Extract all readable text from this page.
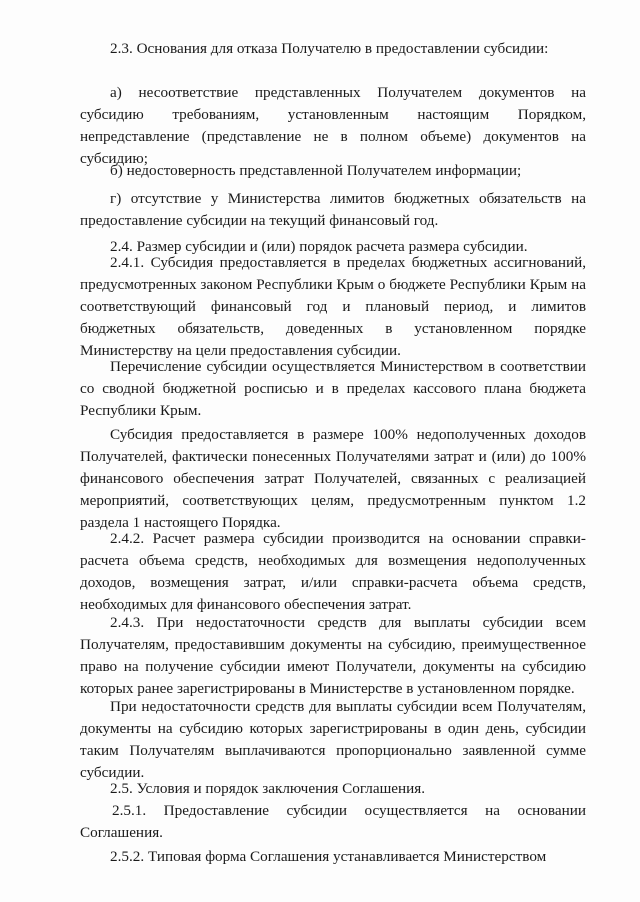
2.3. Основания для отказа Получателю в предоставлении субсидии:

а) несоответствие представленных Получателем документов на субсидию требованиям, установленным настоящим Порядком, непредставление (представление не в полном объеме) документов на субсидию;

б) недостоверность представленной Получателем информации;

г) отсутствие у Министерства лимитов бюджетных обязательств на предоставление субсидии на текущий финансовый год.

2.4. Размер субсидии и (или) порядок расчета размера субсидии.

2.4.1. Субсидия предоставляется в пределах бюджетных ассигнований, предусмотренных законом Республики Крым о бюджете Республики Крым на соответствующий финансовый год и плановый период, и лимитов бюджетных обязательств, доведенных в установленном порядке Министерству на цели предоставления субсидии.

Перечисление субсидии осуществляется Министерством в соответствии со сводной бюджетной росписью и в пределах кассового плана бюджета Республики Крым.

Субсидия предоставляется в размере 100% недополученных доходов Получателей, фактически понесенных Получателями затрат и (или) до 100% финансового обеспечения затрат Получателей, связанных с реализацией мероприятий, соответствующих целям, предусмотренным пунктом 1.2 раздела 1 настоящего Порядка.

2.4.2. Расчет размера субсидии производится на основании справки-расчета объема средств, необходимых для возмещения недополученных доходов, возмещения затрат, и/или справки-расчета объема средств, необходимых для финансового обеспечения затрат.

2.4.3. При недостаточности средств для выплаты субсидии всем Получателям, предоставившим документы на субсидию, преимущественное право на получение субсидии имеют Получатели, документы на субсидию которых ранее зарегистрированы в Министерстве в установленном порядке.

При недостаточности средств для выплаты субсидии всем Получателям, документы на субсидию которых зарегистрированы в один день, субсидии таким Получателям выплачиваются пропорционально заявленной сумме субсидии.

2.5. Условия и порядок заключения Соглашения.

2.5.1. Предоставление субсидии осуществляется на основании Соглашения.

2.5.2. Типовая форма Соглашения устанавливается Министерством
